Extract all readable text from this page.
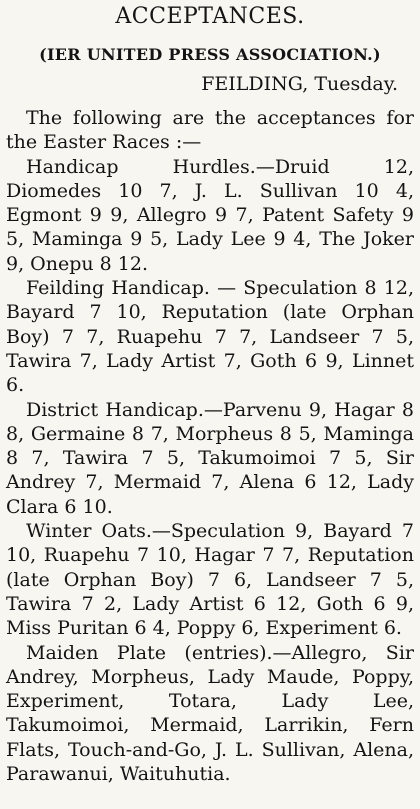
ACCEPTANCES.
(IER UNITED PRESS ASSOCIATION.)
FEILDING, Tuesday.

The following are the acceptances for the Easter Races :—

Handicap Hurdles.—Druid 12, Diomedes 10 7, J. L. Sullivan 10 4, Egmont 9 9, Allegro 9 7, Patent Safety 9 5, Maminga 9 5, Lady Lee 9 4, The Joker 9, Onepu 8 12.

Feilding Handicap. — Speculation 8 12, Bayard 7 10, Reputation (late Orphan Boy) 7 7, Ruapehu 7 7, Landseer 7 5, Tawira 7, Lady Artist 7, Goth 6 9, Linnet 6.

District Handicap.—Parvenu 9, Hagar 8 8, Germaine 8 7, Morpheus 8 5, Maminga 8 7, Tawira 7 5, Takumoimoi 7 5, Sir Andrey 7, Mermaid 7, Alena 6 12, Lady Clara 6 10.

Winter Oats.—Speculation 9, Bayard 7 10, Ruapehu 7 10, Hagar 7 7, Reputation (late Orphan Boy) 7 6, Landseer 7 5, Tawira 7 2, Lady Artist 6 12, Goth 6 9, Miss Puritan 6 4, Poppy 6, Experiment 6.

Maiden Plate (entries).—Allegro, Sir Andrey, Morpheus, Lady Maude, Poppy, Experiment, Totara, Lady Lee, Takumoimoi, Mermaid, Larrikin, Fern Flats, Touch-and-Go, J. L. Sullivan, Alena, Parawanui, Waituhutia.
